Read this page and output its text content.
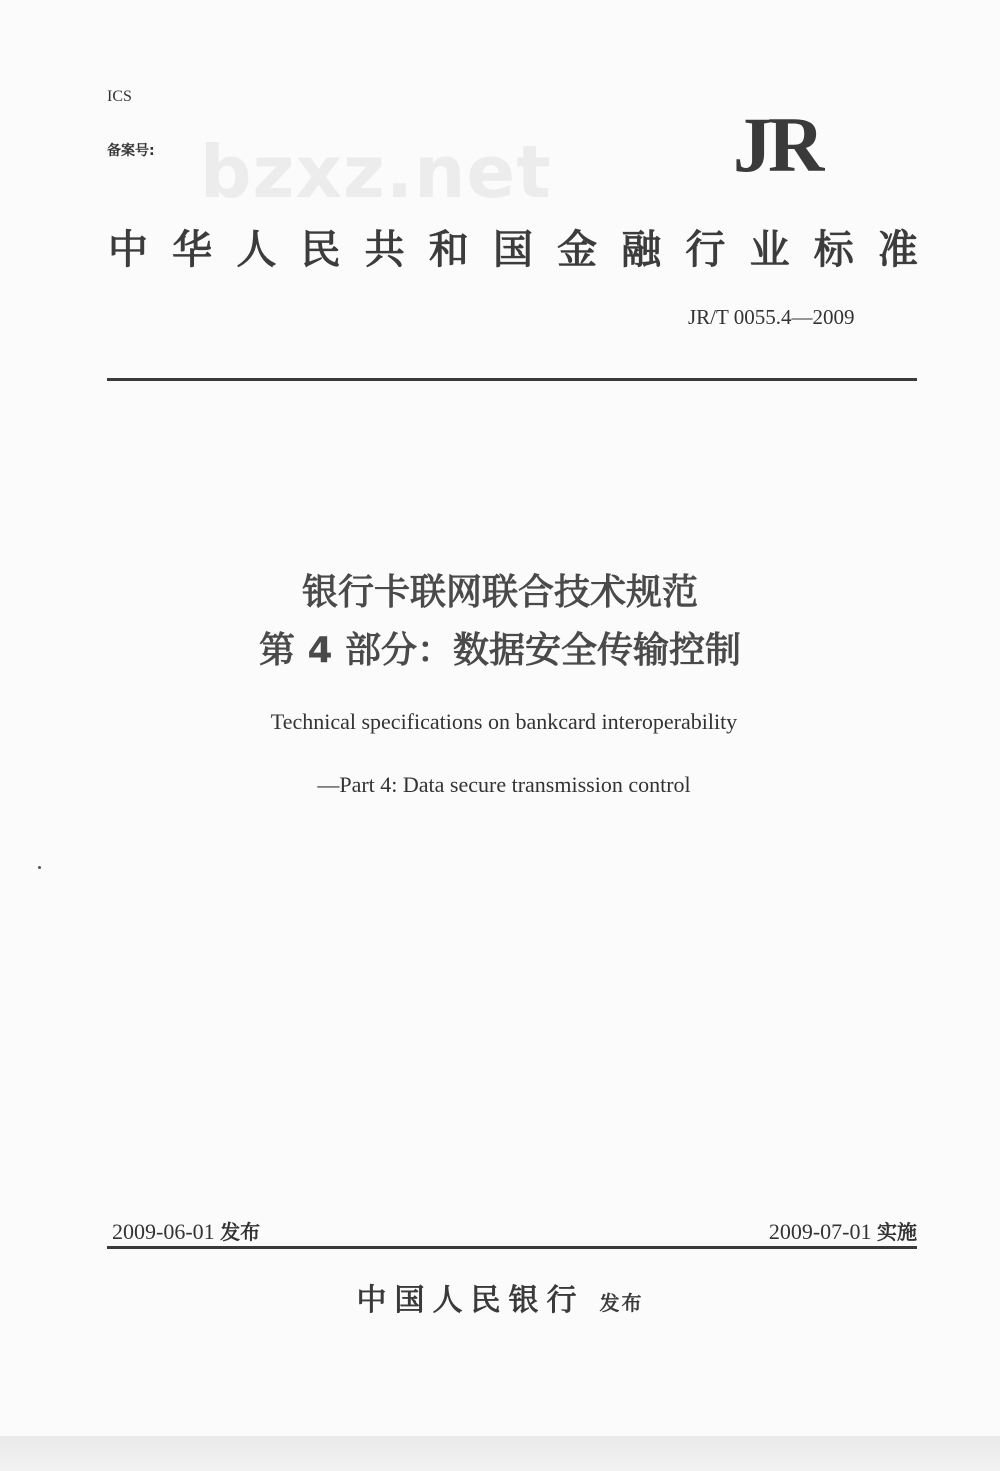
ICS
备案号: bzxz.net JR
中 华 人 民 共 和 国 金 融 行 业 标 准
JR/T 0055.4—2009
银行卡联网联合技术规范
第 4 部分：数据安全传输控制
Technical specifications on bankcard interoperability
—Part 4: Data secure transmission control
2009-06-01 发布	2009-07-01 实施
中国人民银行 发布
